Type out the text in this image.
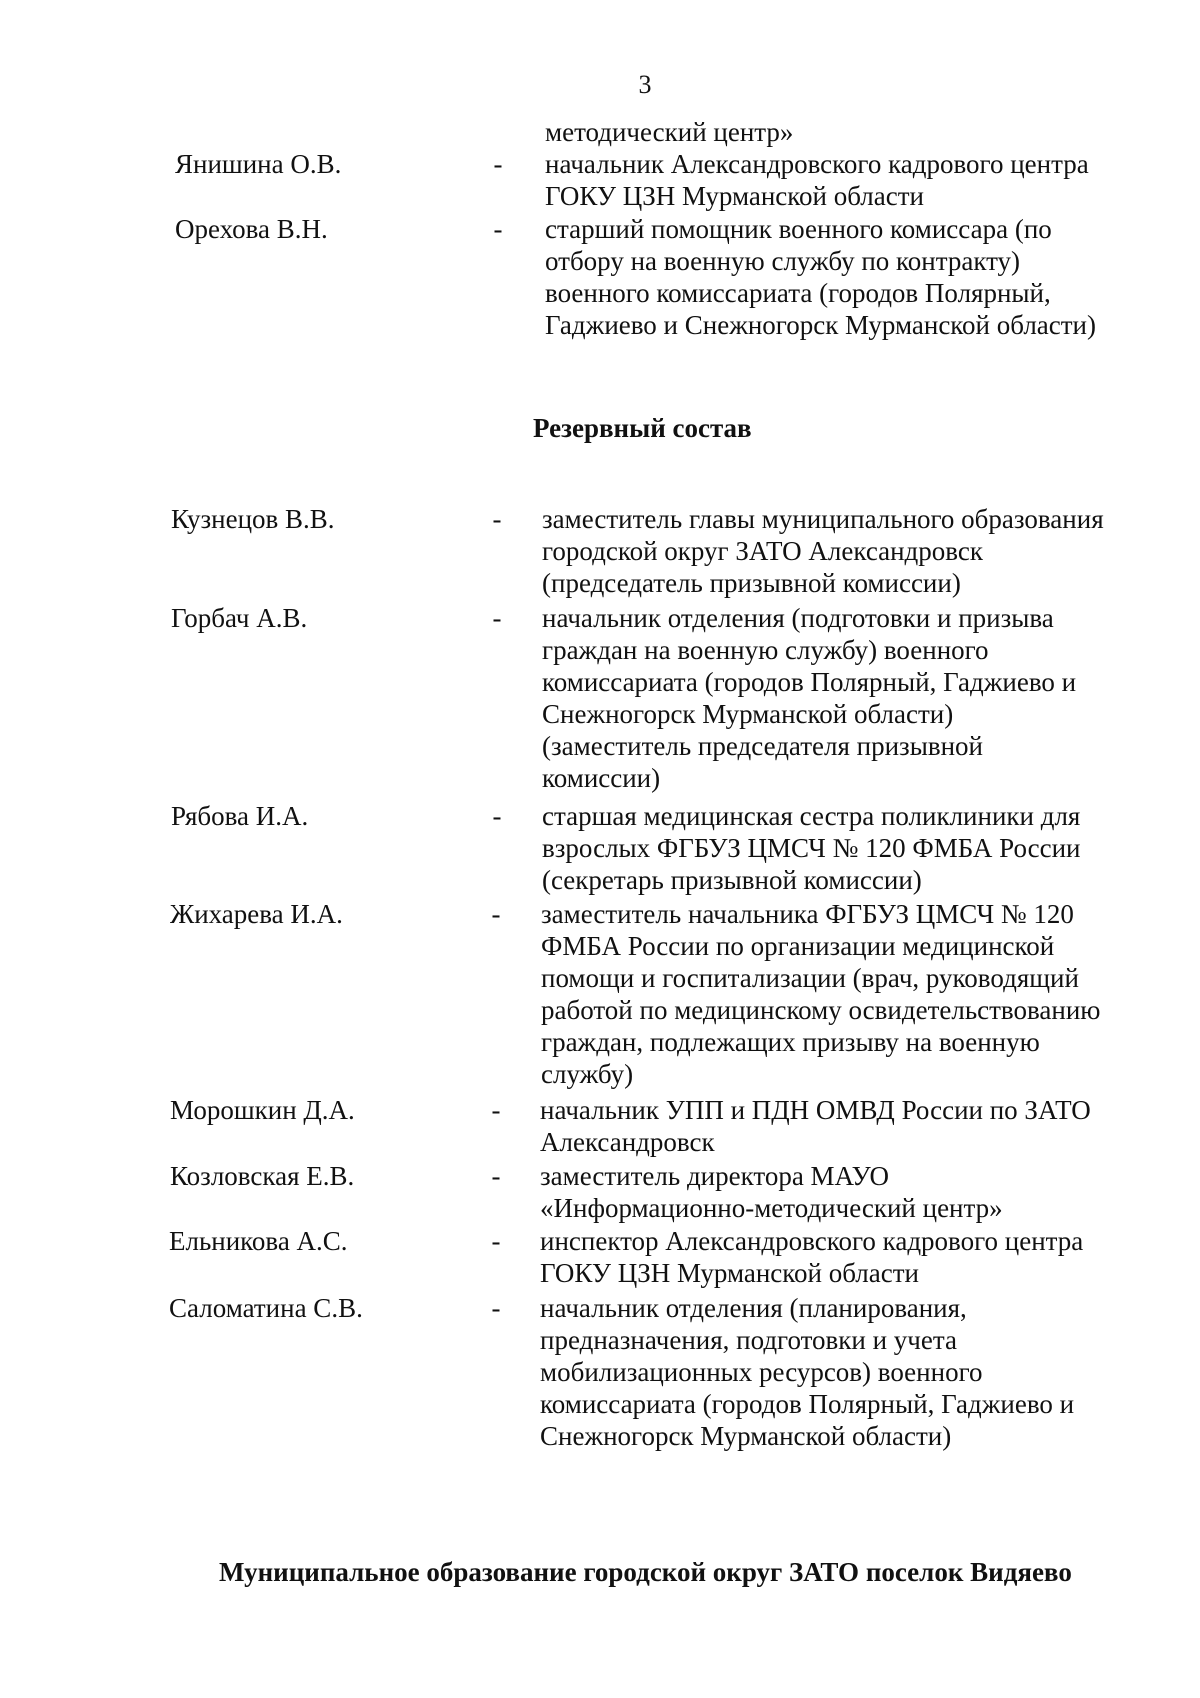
3
методический центр»
Янишина О.В.	- начальник Александровского кадрового центра
ГОКУ ЦЗН Мурманской области
Орехова В.Н.	- старший помощник военного комиссара (по
отбору на военную службу по контракту)
военного комиссариата (городов Полярный,
Гаджиево и Снежногорск Мурманской области)
Резервный состав
Кузнецов В.В.	- заместитель главы муниципального образования
городской округ ЗАТО Александровск
(председатель призывной комиссии)
Горбач А.В.	- начальник отделения (подготовки и призыва
граждан на военную службу) военного
комиссариата (городов Полярный, Гаджиево и
Снежногорск Мурманской области)
(заместитель председателя призывной
комиссии)
Рябова И.А.	- старшая медицинская сестра поликлиники для
взрослых ФГБУЗ ЦМСЧ № 120 ФМБА России
(секретарь призывной комиссии)
Жихарева И.А.	- заместитель начальника ФГБУЗ ЦМСЧ № 120
ФМБА России по организации медицинской
помощи и госпитализации (врач, руководящий
работой по медицинскому освидетельствованию
граждан, подлежащих призыву на военную
службу)
Морошкин Д.А.	- начальник УПП и ПДН ОМВД России по ЗАТО
Александровск
Козловская Е.В.	- заместитель директора МАУО
«Информационно-методический центр»
Ельникова А.С.	- инспектор Александровского кадрового центра
ГОКУ ЦЗН Мурманской области
Саломатина С.В.	- начальник отделения (планирования,
предназначения, подготовки и учета
мобилизационных ресурсов) военного
комиссариата (городов Полярный, Гаджиево и
Снежногорск Мурманской области)
Муниципальное образование городской округ ЗАТО поселок Видяево
